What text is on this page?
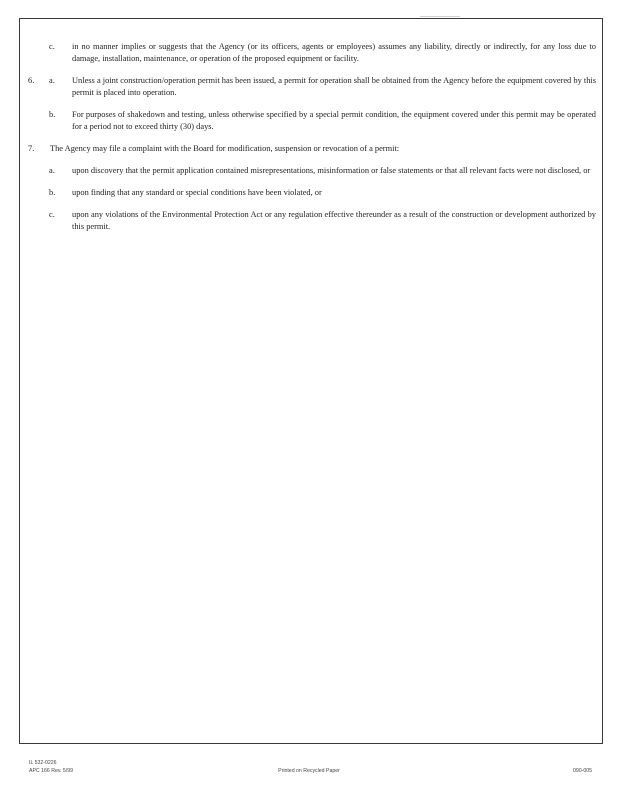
c. in no manner implies or suggests that the Agency (or its officers, agents or employees) assumes any liability, directly or indirectly, for any loss due to damage, installation, maintenance, or operation of the proposed equipment or facility.
6. a. Unless a joint construction/operation permit has been issued, a permit for operation shall be obtained from the Agency before the equipment covered by this permit is placed into operation.
b. For purposes of shakedown and testing, unless otherwise specified by a special permit condition, the equipment covered under this permit may be operated for a period not to exceed thirty (30) days.
7. The Agency may file a complaint with the Board for modification, suspension or revocation of a permit:
a. upon discovery that the permit application contained misrepresentations, misinformation or false statements or that all relevant facts were not disclosed, or
b. upon finding that any standard or special conditions have been violated, or
c. upon any violations of the Environmental Protection Act or any regulation effective thereunder as a result of the construction or development authorized by this permit.
IL 532-0226
APC 166 Rev. 5/99	Printed on Recycled Paper	090-005
